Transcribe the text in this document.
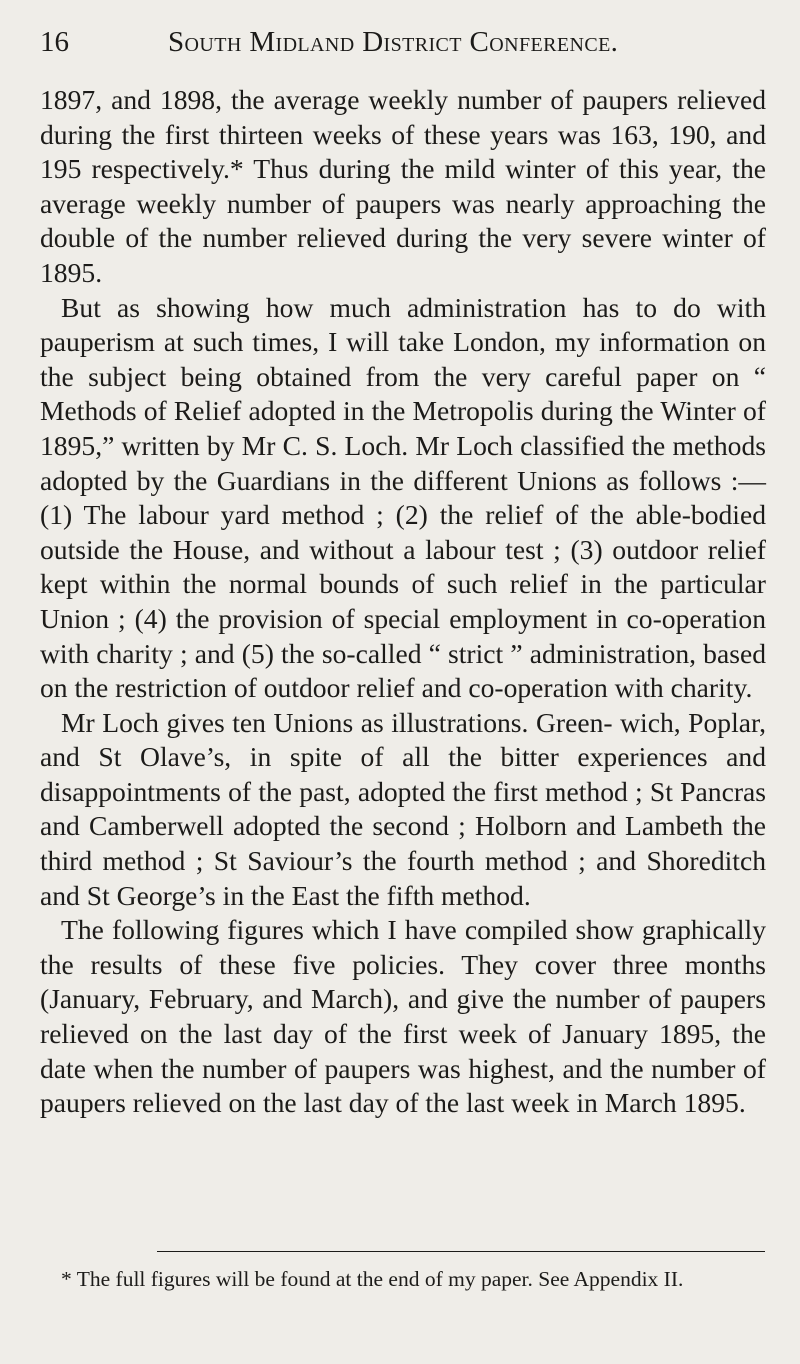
16	South Midland District Conference.

1897, and 1898, the average weekly number of paupers relieved during the first thirteen weeks of these years was 163, 190, and 195 respectively.* Thus during the mild winter of this year, the average weekly number of paupers was nearly approaching the double of the number relieved during the very severe winter of 1895.

But as showing how much administration has to do with pauperism at such times, I will take London, my information on the subject being obtained from the very careful paper on “ Methods of Relief adopted in the Metropolis during the Winter of 1895,” written by Mr C. S. Loch. Mr Loch classified the methods adopted by the Guardians in the different Unions as follows :—(1) The labour yard method ; (2) the relief of the able-bodied outside the House, and without a labour test ; (3) outdoor relief kept within the normal bounds of such relief in the particular Union ; (4) the provision of special employment in co-operation with charity ; and (5) the so-called “ strict ” administration, based on the restriction of outdoor relief and co-operation with charity.

Mr Loch gives ten Unions as illustrations. Green- wich, Poplar, and St Olave’s, in spite of all the bitter experiences and disappointments of the past, adopted the first method ; St Pancras and Camberwell adopted the second ; Holborn and Lambeth the third method ; St Saviour’s the fourth method ; and Shoreditch and St George’s in the East the fifth method.

The following figures which I have compiled show graphically the results of these five policies. They cover three months (January, February, and March), and give the number of paupers relieved on the last day of the first week of January 1895, the date when the number of paupers was highest, and the number of paupers relieved on the last day of the last week in March 1895.

* The full figures will be found at the end of my paper. See Appendix II.
